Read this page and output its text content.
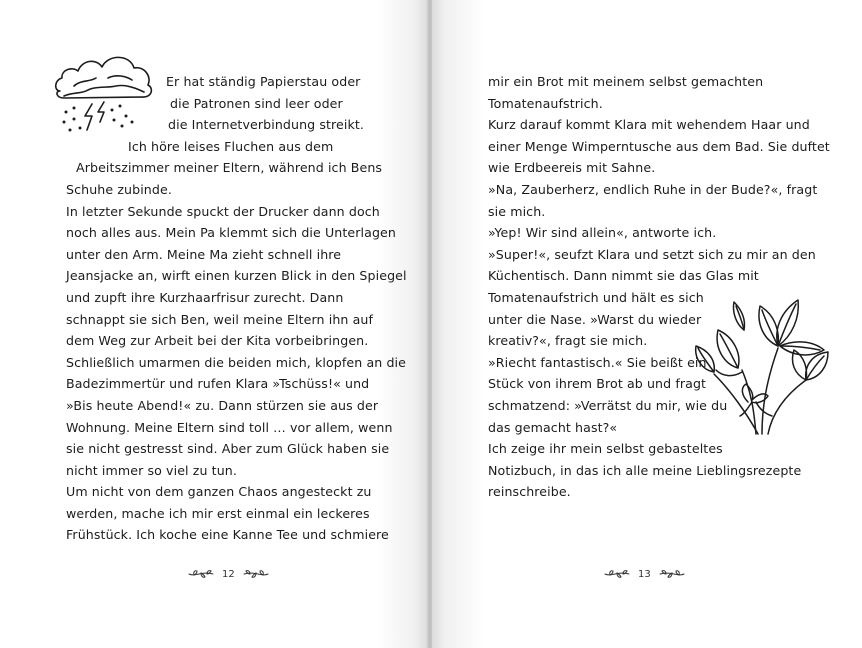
Er hat ständig Papierstau oder
die Patronen sind leer oder
die Internetverbindung streikt.
Ich höre leises Fluchen aus dem
Arbeitszimmer meiner Eltern, während ich Bens
Schuhe zubinde.
In letzter Sekunde spuckt der Drucker dann doch
noch alles aus. Mein Pa klemmt sich die Unterlagen
unter den Arm. Meine Ma zieht schnell ihre
Jeansjacke an, wirft einen kurzen Blick in den Spiegel
und zupft ihre Kurzhaarfrisur zurecht. Dann
schnappt sie sich Ben, weil meine Eltern ihn auf
dem Weg zur Arbeit bei der Kita vorbeibringen.
Schließlich umarmen die beiden mich, klopfen an die
Badezimmertür und rufen Klara »Tschüss!« und
»Bis heute Abend!« zu. Dann stürzen sie aus der
Wohnung. Meine Eltern sind toll … vor allem, wenn
sie nicht gestresst sind. Aber zum Glück haben sie
nicht immer so viel zu tun.
Um nicht von dem ganzen Chaos angesteckt zu
werden, mache ich mir erst einmal ein leckeres
Frühstück. Ich koche eine Kanne Tee und schmiere
12
mir ein Brot mit meinem selbst gemachten
Tomatenaufstrich.
Kurz darauf kommt Klara mit wehendem Haar und
einer Menge Wimperntusche aus dem Bad. Sie duftet
wie Erdbeereis mit Sahne.
»Na, Zauberherz, endlich Ruhe in der Bude?«, fragt
sie mich.
»Yep! Wir sind allein«, antworte ich.
»Super!«, seufzt Klara und setzt sich zu mir an den
Küchentisch. Dann nimmt sie das Glas mit
Tomatenaufstrich und hält es sich
unter die Nase. »Warst du wieder
kreativ?«, fragt sie mich.
»Riecht fantastisch.« Sie beißt ein
Stück von ihrem Brot ab und fragt
schmatzend: »Verrätst du mir, wie du
das gemacht hast?«
Ich zeige ihr mein selbst gebasteltes
Notizbuch, in das ich alle meine Lieblingsrezepte
reinschreibe.
13
